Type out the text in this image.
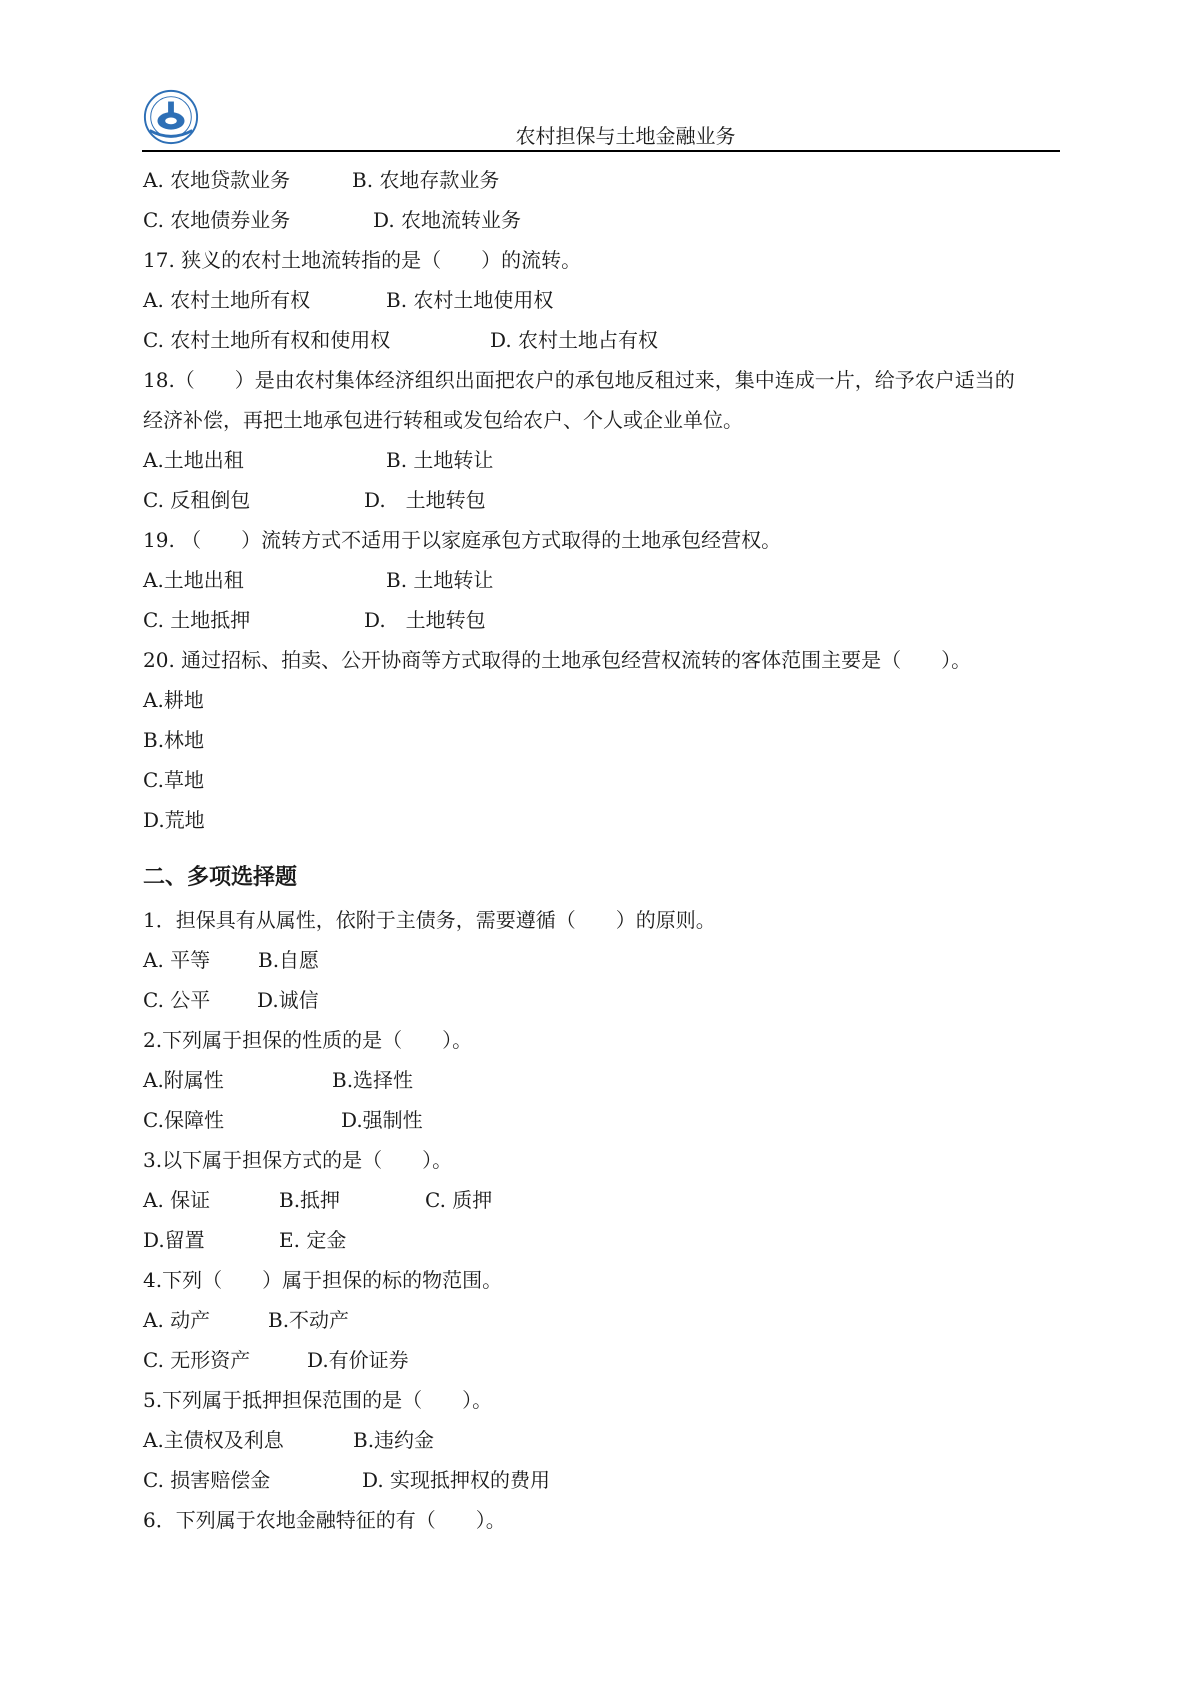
农村担保与土地金融业务
A. 农地贷款业务	B. 农地存款业务
C. 农地债券业务	D. 农地流转业务
17. 狭义的农村土地流转指的是（　　）的流转。
A. 农村土地所有权	B. 农村土地使用权
C. 农村土地所有权和使用权	D. 农村土地占有权
18.（　　）是由农村集体经济组织出面把农户的承包地反租过来，集中连成一片，给予农户适当的
经济补偿，再把土地承包进行转租或发包给农户、个人或企业单位。
A.土地出租	B. 土地转让
C. 反租倒包	D.　土地转包
19. （　　）流转方式不适用于以家庭承包方式取得的土地承包经营权。
A.土地出租	B. 土地转让
C. 土地抵押	D.　土地转包
20. 通过招标、拍卖、公开协商等方式取得的土地承包经营权流转的客体范围主要是（　　）。
A.耕地
B.林地
C.草地
D.荒地
二、多项选择题
1．担保具有从属性，依附于主债务，需要遵循（　　）的原则。
A. 平等 B.自愿
C. 公平 D.诚信
2.下列属于担保的性质的是（　　）。
A.附属性	B.选择性
C.保障性	D.强制性
3.以下属于担保方式的是（　　）。
A. 保证	B.抵押	C. 质押
D.留置	E. 定金
4.下列（　　）属于担保的标的物范围。
A. 动产	B.不动产
C. 无形资产	D.有价证券
5.下列属于抵押担保范围的是（　　）。
A.主债权及利息	B.违约金
C. 损害赔偿金	D. 实现抵押权的费用
6．下列属于农地金融特征的有（　　）。
